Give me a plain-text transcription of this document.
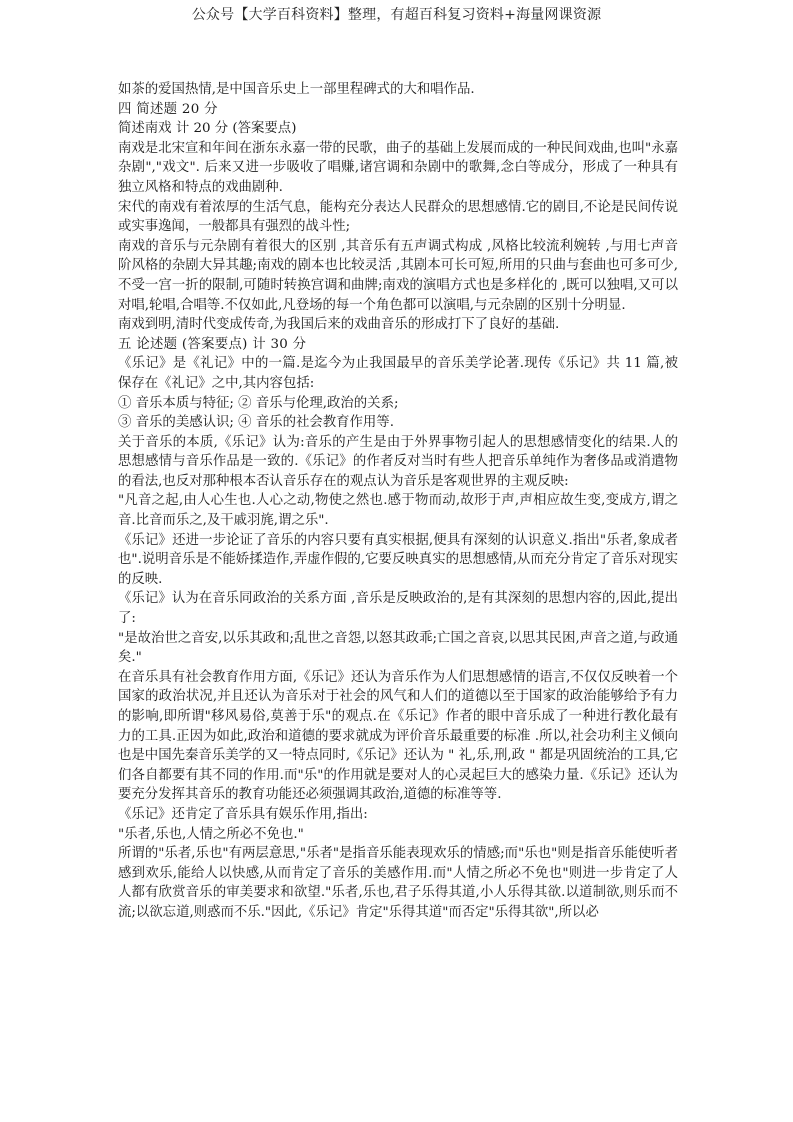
公众号【大学百科资料】整理，有超百科复习资料+海量网课资源

如茶的爱国热情,是中国音乐史上一部里程碑式的大和唱作品.

四 简述题 20 分

简述南戏 计 20 分 (答案要点)

南戏是北宋宣和年间在浙东永嘉一带的民歌，曲子的基础上发展而成的一种民间戏曲,也叫"永嘉杂剧","戏文". 后来又进一步吸收了唱赚,诸宫调和杂剧中的歌舞,念白等成分，形成了一种具有独立风格和特点的戏曲剧种.

宋代的南戏有着浓厚的生活气息，能构充分表达人民群众的思想感情.它的剧目,不论是民间传说或实事逸闻，一般都具有强烈的战斗性;

南戏的音乐与元杂剧有着很大的区别 ,其音乐有五声调式构成 ,风格比较流利婉转 ,与用七声音阶风格的杂剧大异其趣;南戏的剧本也比较灵活 ,其剧本可长可短,所用的只曲与套曲也可多可少,不受一宫一折的限制,可随时转换宫调和曲牌;南戏的演唱方式也是多样化的 ,既可以独唱,又可以对唱,轮唱,合唱等.不仅如此,凡登场的每一个角色都可以演唱,与元杂剧的区别十分明显.

南戏到明,清时代变成传奇,为我国后来的戏曲音乐的形成打下了良好的基础.

五 论述题 (答案要点) 计 30 分

《乐记》是《礼记》中的一篇.是迄今为止我国最早的音乐美学论著.现传《乐记》共 11 篇,被保存在《礼记》之中,其内容包括:

① 音乐本质与特征; ② 音乐与伦理,政治的关系;

③ 音乐的美感认识; ④ 音乐的社会教育作用等.

关于音乐的本质,《乐记》认为:音乐的产生是由于外界事物引起人的思想感情变化的结果.人的思想感情与音乐作品是一致的.《乐记》的作者反对当时有些人把音乐单纯作为奢侈品或消遣物的看法,也反对那种根本否认音乐存在的观点认为音乐是客观世界的主观反映:

"凡音之起,由人心生也.人心之动,物使之然也.感于物而动,故形于声,声相应故生变,变成方,谓之音.比音而乐之,及干戚羽旄,谓之乐".

《乐记》还进一步论证了音乐的内容只要有真实根据,便具有深刻的认识意义.指出"乐者,象成者也".说明音乐是不能娇揉造作,弄虚作假的,它要反映真实的思想感情,从而充分肯定了音乐对现实的反映.

《乐记》认为在音乐同政治的关系方面 ,音乐是反映政治的,是有其深刻的思想内容的,因此,提出了:

"是故治世之音安,以乐其政和;乱世之音怨,以怒其政乖;亡国之音哀,以思其民困,声音之道,与政通矣."

在音乐具有社会教育作用方面,《乐记》还认为音乐作为人们思想感情的语言,不仅仅反映着一个国家的政治状况,并且还认为音乐对于社会的风气和人们的道德以至于国家的政治能够给予有力的影响,即所谓"移风易俗,莫善于乐"的观点.在《乐记》作者的眼中音乐成了一种进行教化最有力的工具.正因为如此,政治和道德的要求就成为评价音乐最重要的标准 .所以,社会功利主义倾向也是中国先秦音乐美学的又一特点同时,《乐记》还认为 " 礼,乐,刑,政 " 都是巩固统治的工具,它们各自都要有其不同的作用.而"乐"的作用就是要对人的心灵起巨大的感染力量.《乐记》还认为要充分发挥其音乐的教育功能还必须强调其政治,道德的标准等等.

《乐记》还肯定了音乐具有娱乐作用,指出:

"乐者,乐也,人情之所必不免也."

所谓的"乐者,乐也"有两层意思,"乐者"是指音乐能表现欢乐的情感;而"乐也"则是指音乐能使听者感到欢乐,能给人以快感,从而肯定了音乐的美感作用.而"人情之所必不免也"则进一步肯定了人人都有欣赏音乐的审美要求和欲望."乐者,乐也,君子乐得其道,小人乐得其欲.以道制欲,则乐而不流;以欲忘道,则惑而不乐."因此,《乐记》肯定"乐得其道"而否定"乐得其欲",所以必
